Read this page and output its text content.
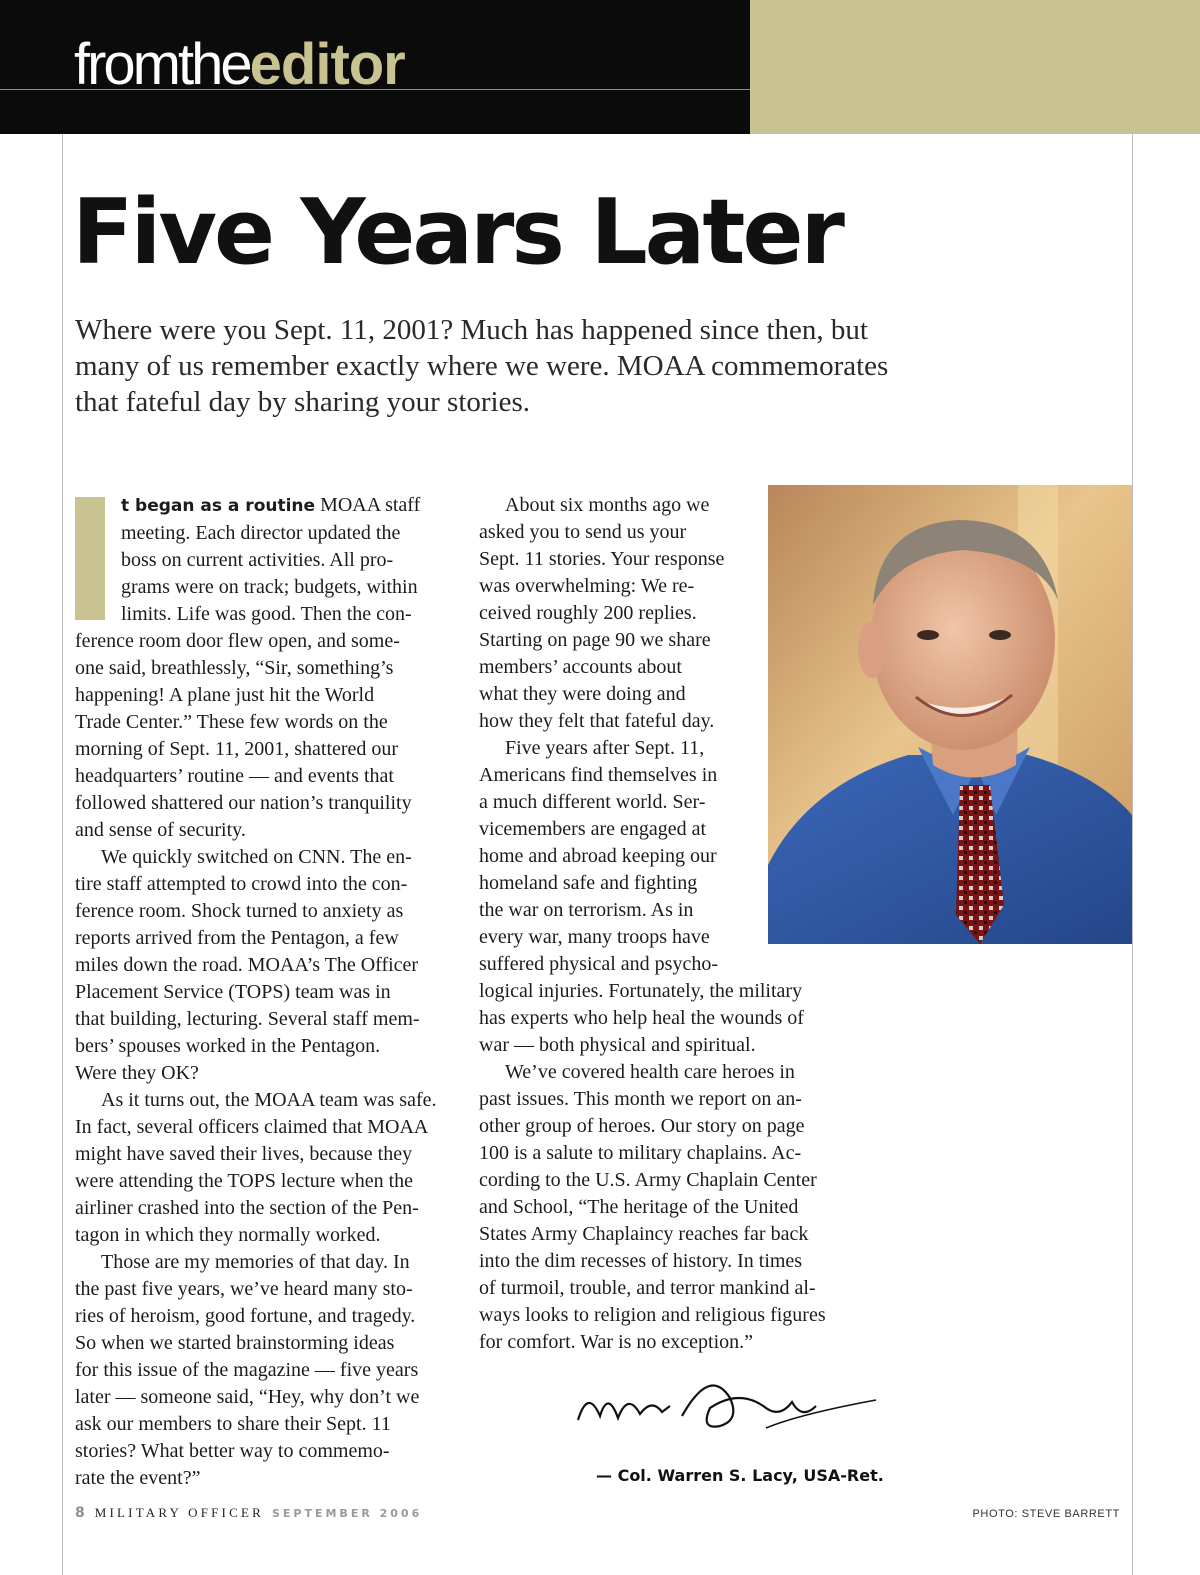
fromtheeditor
Five Years Later

Where were you Sept. 11, 2001? Much has happened since then, but many of us remember exactly where we were. MOAA commemorates that fateful day by sharing your stories.

t began as a routine MOAA staff
meeting. Each director updated the
boss on current activities. All pro-
grams were on track; budgets, within
limits. Life was good. Then the con-
ference room door flew open, and some-
one said, breathlessly, “Sir, something’s
happening! A plane just hit the World
Trade Center.” These few words on the
morning of Sept. 11, 2001, shattered our
headquarters’ routine — and events that
followed shattered our nation’s tranquility
and sense of security.
We quickly switched on CNN. The en-
tire staff attempted to crowd into the con-
ference room. Shock turned to anxiety as
reports arrived from the Pentagon, a few
miles down the road. MOAA’s The Officer
Placement Service (TOPS) team was in
that building, lecturing. Several staff mem-
bers’ spouses worked in the Pentagon.
Were they OK?
As it turns out, the MOAA team was safe.
In fact, several officers claimed that MOAA
might have saved their lives, because they
were attending the TOPS lecture when the
airliner crashed into the section of the Pen-
tagon in which they normally worked.
Those are my memories of that day. In
the past five years, we’ve heard many sto-
ries of heroism, good fortune, and tragedy.
So when we started brainstorming ideas
for this issue of the magazine — five years
later — someone said, “Hey, why don’t we
ask our members to share their Sept. 11
stories? What better way to commemo-
rate the event?”
About six months ago we
asked you to send us your
Sept. 11 stories. Your response
was overwhelming: We re-
ceived roughly 200 replies.
Starting on page 90 we share
members’ accounts about
what they were doing and
how they felt that fateful day.
Five years after Sept. 11,
Americans find themselves in
a much different world. Ser-
vicemembers are engaged at
home and abroad keeping our
homeland safe and fighting
the war on terrorism. As in
every war, many troops have
suffered physical and psycho-
logical injuries. Fortunately, the military
has experts who help heal the wounds of
war — both physical and spiritual.
We’ve covered health care heroes in
past issues. This month we report on an-
other group of heroes. Our story on page
100 is a salute to military chaplains. Ac-
cording to the U.S. Army Chaplain Center
and School, “The heritage of the United
States Army Chaplaincy reaches far back
into the dim recesses of history. In times
of turmoil, trouble, and terror mankind al-
ways looks to religion and religious figures
for comfort. War is no exception.”

— Col. Warren S. Lacy, USA-Ret.

8 MILITARY OFFICER SEPTEMBER 2006	PHOTO: STEVE BARRETT
